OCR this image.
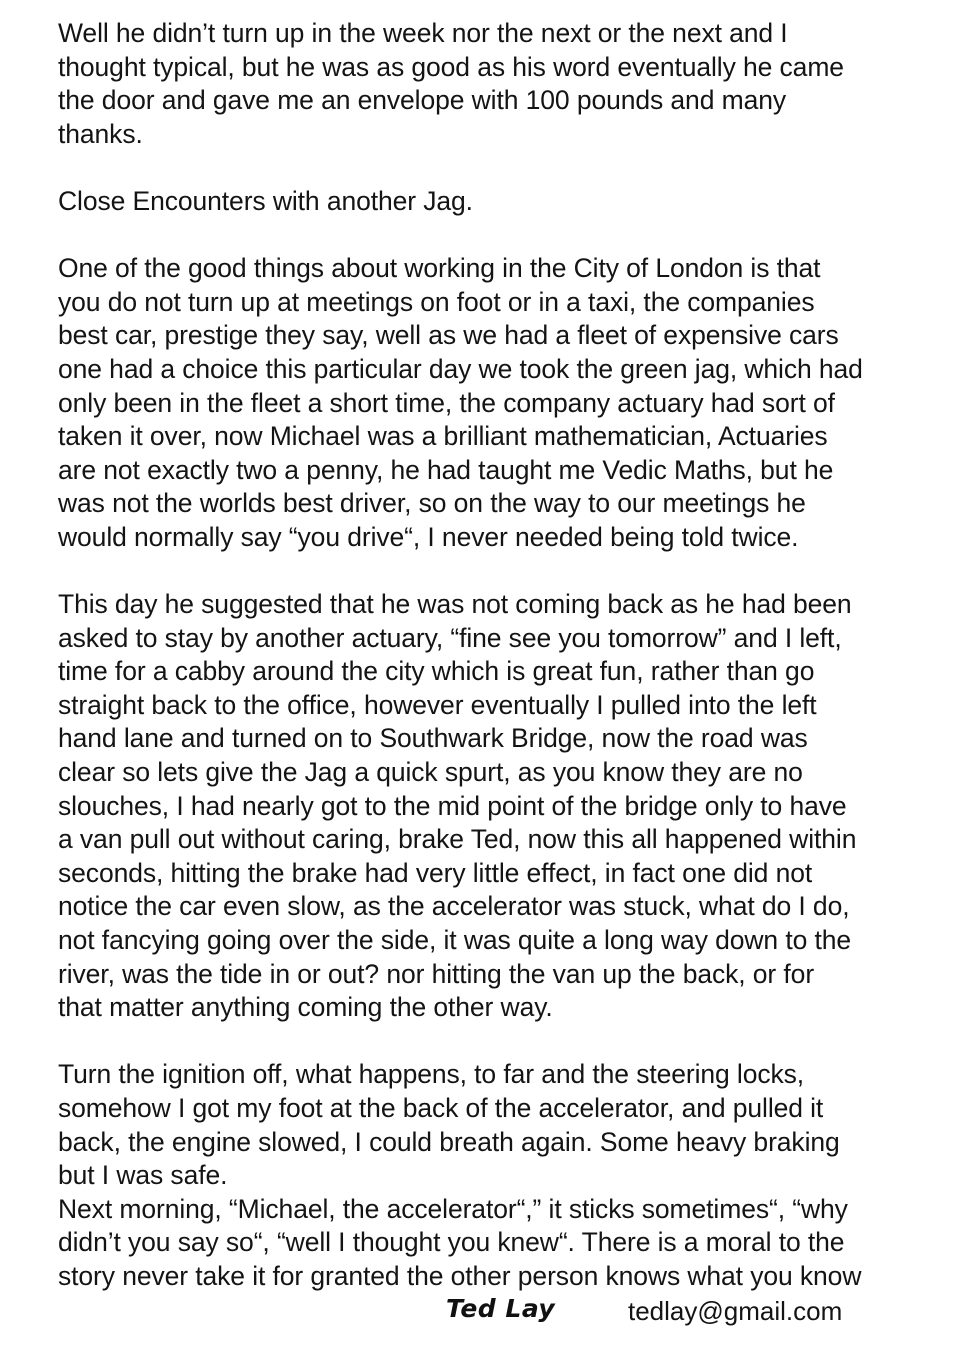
Well he didn’t turn up in the week nor the next or the next and I
thought typical, but he was as good as his word eventually he came
the door and gave me an envelope with 100 pounds and many
thanks.

Close Encounters with another Jag.

One of the good things about working in the City of London is that
you do not turn up at meetings on foot or in a taxi, the companies
best car, prestige they say, well as we had a fleet of expensive cars
one had a choice this particular day we took the green jag, which had
only been in the fleet a short time, the company actuary had sort of
taken it over, now Michael was a brilliant mathematician, Actuaries
are not exactly two a penny, he had taught me Vedic Maths, but he
was not the worlds best driver, so on the way to our meetings he
would normally say “you drive“, I never needed being told twice.

This day he suggested that he was not coming back as he had been
asked to stay by another actuary, “fine see you tomorrow” and I left,
time for a cabby around the city which is great fun, rather than go
straight back to the office, however eventually I pulled into the left
hand lane and turned on to Southwark Bridge, now the road was
clear so lets give the Jag a quick spurt, as you know they are no
slouches, I had nearly got to the mid point of the bridge only to have
a van pull out without caring, brake Ted, now this all happened within
seconds, hitting the brake had very little effect, in fact one did not
notice the car even slow, as the accelerator was stuck, what do I do,
not fancying going over the side, it was quite a long way down to the
river, was the tide in or out? nor hitting the van up the back, or for
that matter anything coming the other way.

Turn the ignition off, what happens, to far and the steering locks,
somehow I got my foot at the back of the accelerator, and pulled it
back, the engine slowed, I could breath again. Some heavy braking
but I was safe.
Next morning, “Michael, the accelerator“,” it sticks sometimes“, “why
didn’t you say so“, “well I thought you knew“. There is a moral to the
story never take it for granted the other person knows what you know

Ted Lay	tedlay@gmail.com
